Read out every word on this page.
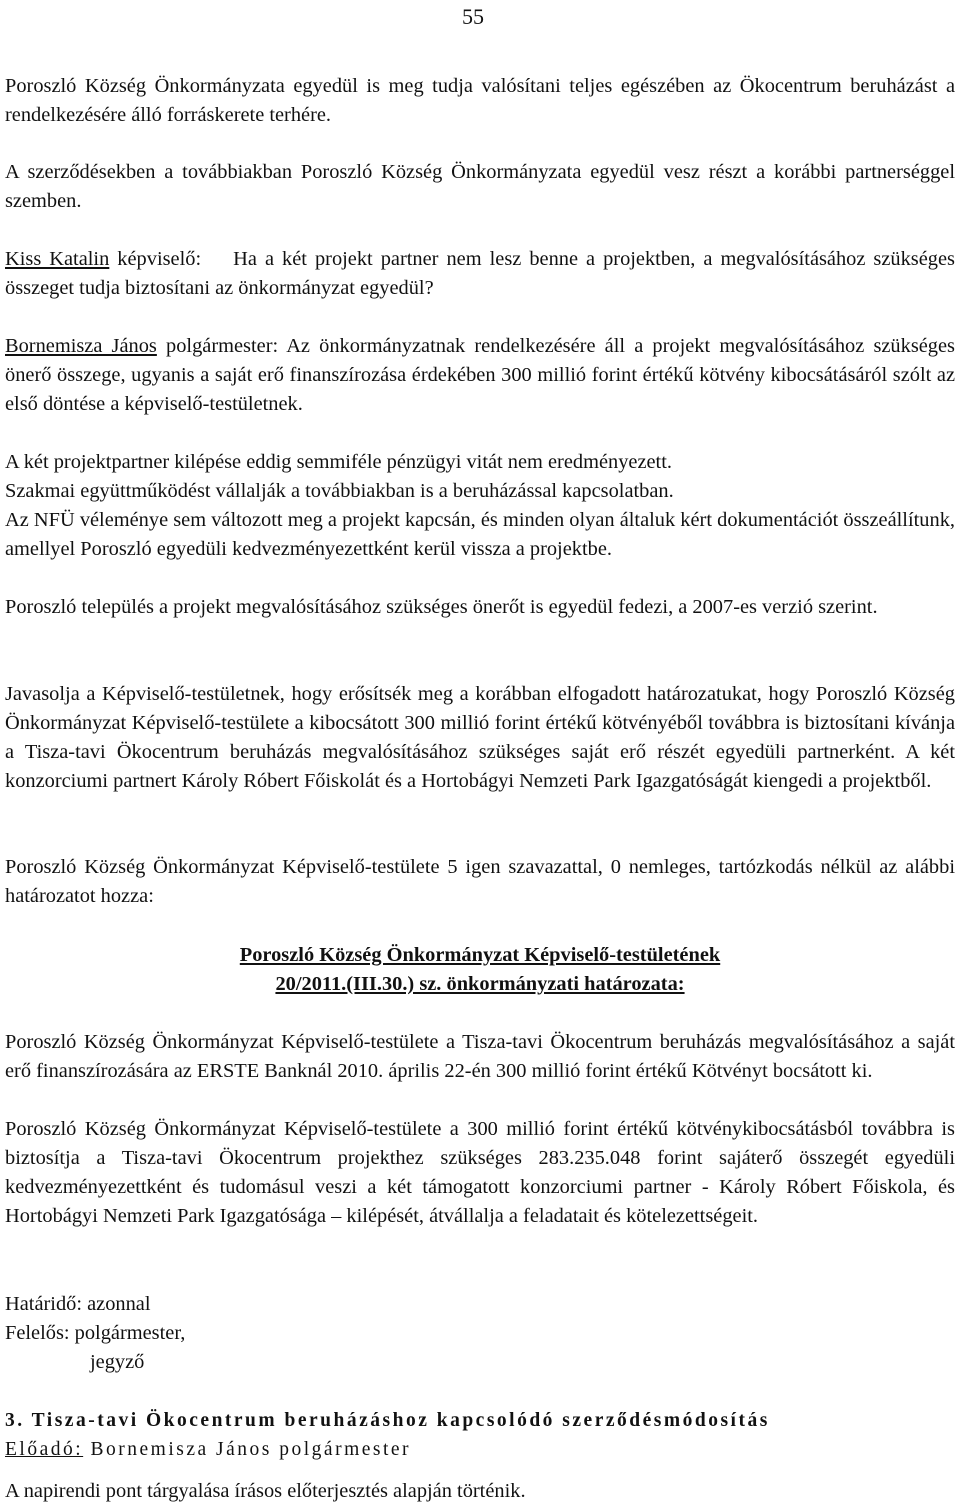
55

Poroszló Község Önkormányzata egyedül is meg tudja valósítani teljes egészében az Ökocentrum beruházást a rendelkezésére álló forráskerete terhére.

A szerződésekben a továbbiakban Poroszló Község Önkormányzata egyedül vesz részt a korábbi partnerséggel szemben.

Kiss Katalin képviselő:    Ha a két projekt partner nem lesz benne a projektben, a megvalósításához szükséges összeget tudja biztosítani az önkormányzat egyedül?

Bornemisza János polgármester: Az önkormányzatnak rendelkezésére áll a projekt megvalósításához szükséges önerő összege, ugyanis a saját erő finanszírozása érdekében 300 millió forint értékű kötvény kibocsátásáról szólt az első döntése a képviselő-testületnek.

A két projektpartner kilépése eddig semmiféle pénzügyi vitát nem eredményezett.

Szakmai együttműködést vállalják a továbbiakban is a beruházással kapcsolatban.

Az NFÜ véleménye sem változott meg a projekt kapcsán, és minden olyan általuk kért dokumentációt összeállítunk, amellyel Poroszló egyedüli kedvezményezettként kerül vissza a projektbe.

Poroszló település a projekt megvalósításához szükséges önerőt is egyedül fedezi, a 2007-es verzió szerint.

Javasolja a Képviselő-testületnek, hogy erősítsék meg a korábban elfogadott határozatukat, hogy Poroszló Község Önkormányzat Képviselő-testülete a kibocsátott 300 millió forint értékű kötvényéből továbbra is biztosítani kívánja a Tisza-tavi Ökocentrum beruházás megvalósításához szükséges saját erő részét egyedüli partnerként. A két konzorciumi partnert Károly Róbert Főiskolát és a Hortobágyi Nemzeti Park Igazgatóságát kiengedi a projektből.

Poroszló Község Önkormányzat Képviselő-testülete 5 igen szavazattal, 0 nemleges, tartózkodás nélkül az alábbi határozatot hozza:

Poroszló Község Önkormányzat Képviselő-testületének

20/2011.(III.30.) sz. önkormányzati határozata:

Poroszló Község Önkormányzat Képviselő-testülete a Tisza-tavi Ökocentrum beruházás megvalósításához a saját erő finanszírozására az ERSTE Banknál 2010. április 22-én 300 millió forint értékű Kötvényt bocsátott ki.

Poroszló Község Önkormányzat Képviselő-testülete a 300 millió forint értékű kötvénykibocsátásból továbbra is biztosítja a Tisza-tavi Ökocentrum projekthez szükséges 283.235.048 forint sajáterő összegét egyedüli kedvezményezettként és tudomásul veszi a két támogatott konzorciumi partner - Károly Róbert Főiskola, és Hortobágyi Nemzeti Park Igazgatósága – kilépését, átvállalja a feladatait és kötelezettségeit.

Határidő: azonnal

Felelős: polgármester,

jegyző

3. Tisza-tavi Ökocentrum beruházáshoz kapcsolódó szerződésmódosítás

Előadó: Bornemisza János polgármester

A napirendi pont tárgyalása írásos előterjesztés alapján történik.
